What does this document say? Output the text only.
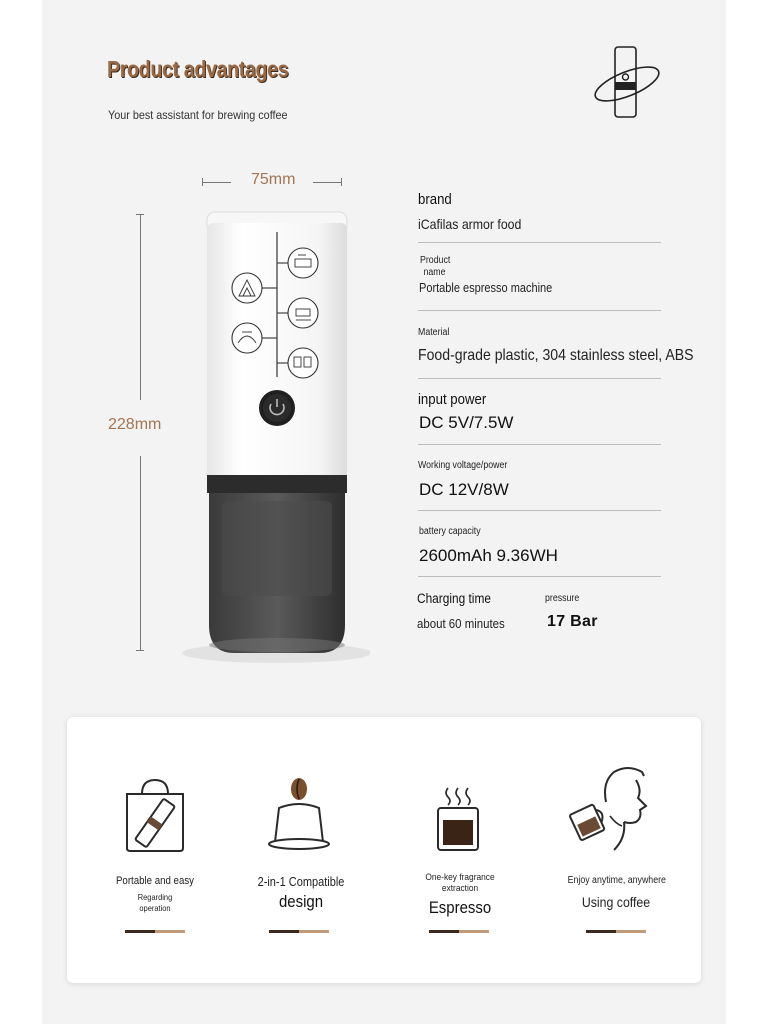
Product advantages
Your best assistant for brewing coffee
75mm
228mm
brand
iCafilas armor food
Product
name
Portable espresso machine
Material
Food-grade plastic, 304 stainless steel, ABS
input power
DC 5V/7.5W
Working voltage/power
DC 12V/8W
battery capacity
2600mAh 9.36WH
Charging time
about 60 minutes
pressure
17 Bar
Portable and easy
Regarding
operation
2-in-1 Compatible
design
One-key fragrance
extraction
Espresso
Enjoy anytime, anywhere
Using coffee
